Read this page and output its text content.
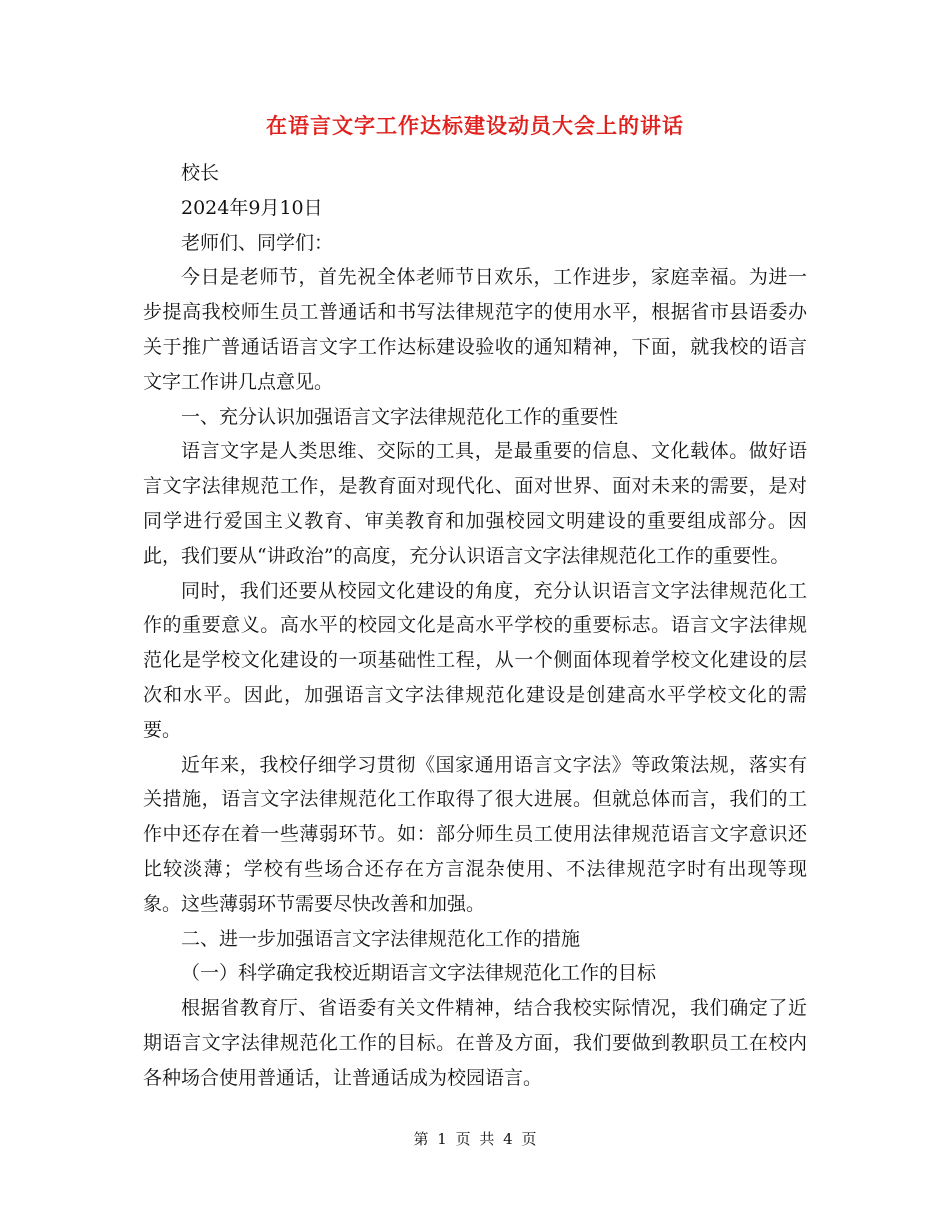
在语言文字工作达标建设动员大会上的讲话

校长

2024年9月10日

老师们、同学们：

今日是老师节，首先祝全体老师节日欢乐，工作进步，家庭幸福。为进一步提高我校师生员工普通话和书写法律规范字的使用水平，根据省市县语委办关于推广普通话语言文字工作达标建设验收的通知精神，下面，就我校的语言文字工作讲几点意见。

一、充分认识加强语言文字法律规范化工作的重要性

语言文字是人类思维、交际的工具，是最重要的信息、文化载体。做好语言文字法律规范工作，是教育面对现代化、面对世界、面对未来的需要，是对同学进行爱国主义教育、审美教育和加强校园文明建设的重要组成部分。因此，我们要从“讲政治”的高度，充分认识语言文字法律规范化工作的重要性。

同时，我们还要从校园文化建设的角度，充分认识语言文字法律规范化工作的重要意义。高水平的校园文化是高水平学校的重要标志。语言文字法律规范化是学校文化建设的一项基础性工程，从一个侧面体现着学校文化建设的层次和水平。因此，加强语言文字法律规范化建设是创建高水平学校文化的需要。

近年来，我校仔细学习贯彻《国家通用语言文字法》等政策法规，落实有关措施，语言文字法律规范化工作取得了很大进展。但就总体而言，我们的工作中还存在着一些薄弱环节。如：部分师生员工使用法律规范语言文字意识还比较淡薄；学校有些场合还存在方言混杂使用、不法律规范字时有出现等现象。这些薄弱环节需要尽快改善和加强。

二、进一步加强语言文字法律规范化工作的措施

（一）科学确定我校近期语言文字法律规范化工作的目标

根据省教育厅、省语委有关文件精神，结合我校实际情况，我们确定了近期语言文字法律规范化工作的目标。在普及方面，我们要做到教职员工在校内各种场合使用普通话，让普通话成为校园语言。

第 1 页 共 4 页
